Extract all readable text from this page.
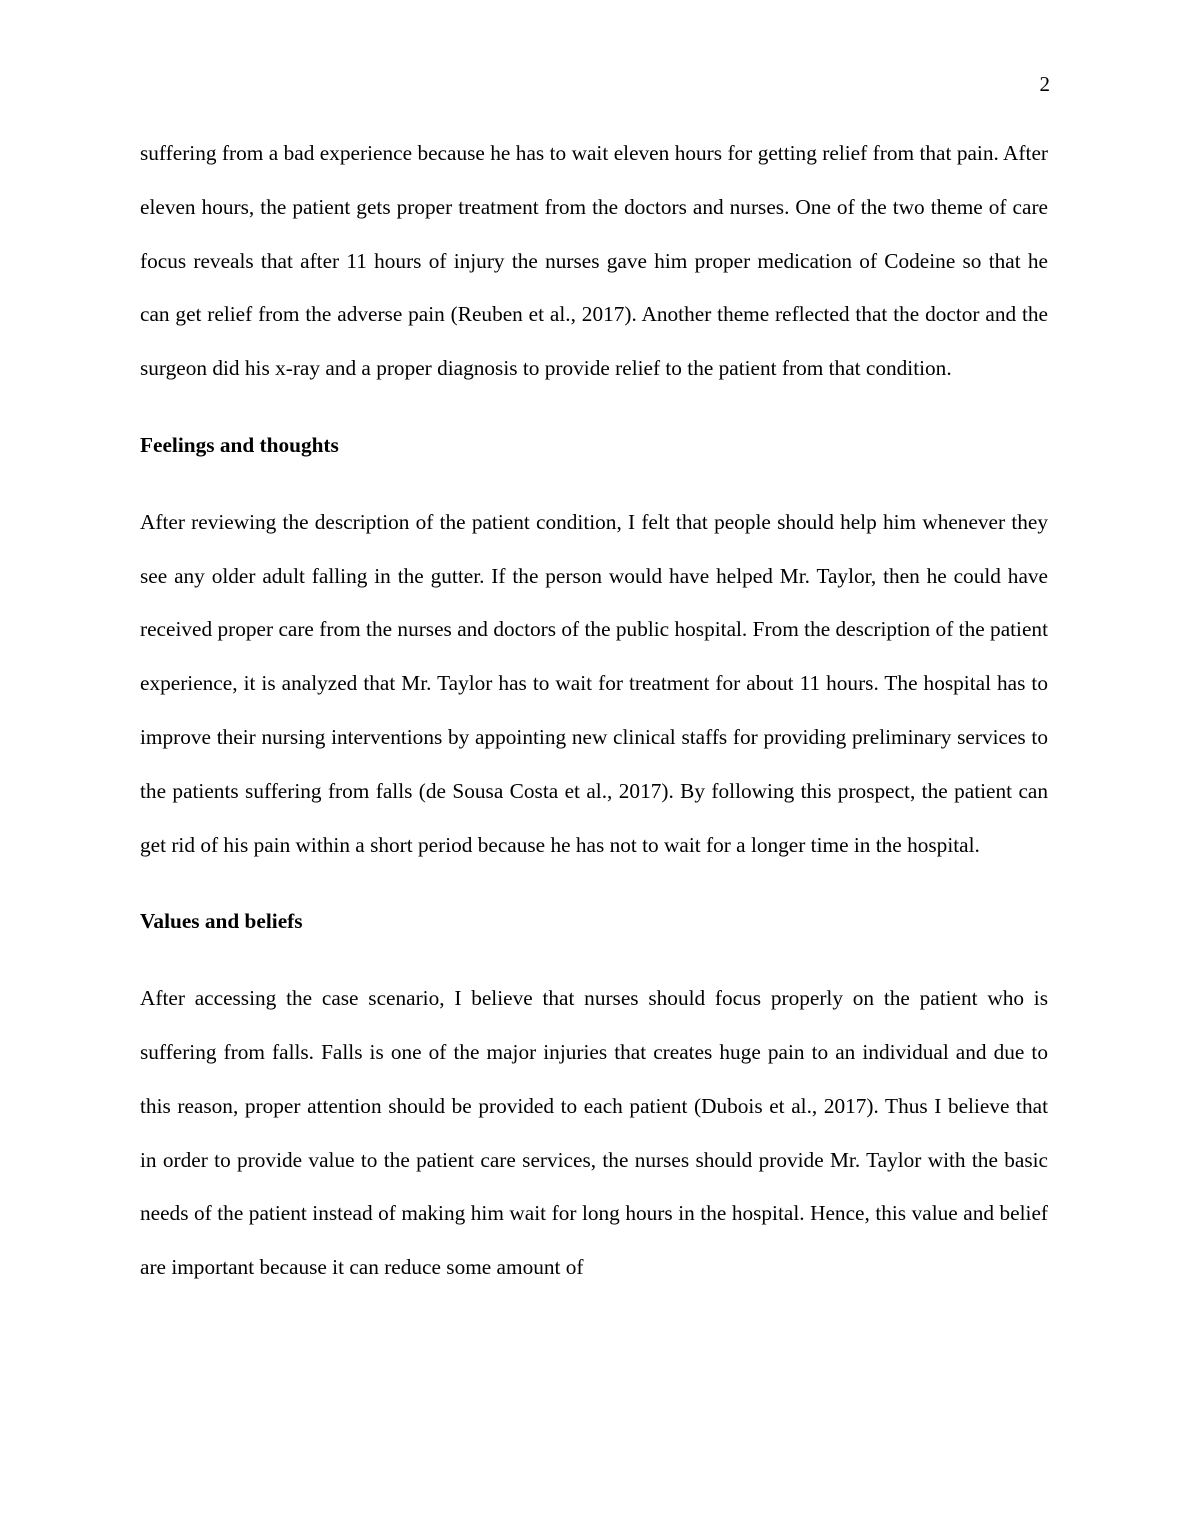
2

suffering from a bad experience because he has to wait eleven hours for getting relief from that pain. After eleven hours, the patient gets proper treatment from the doctors and nurses. One of the two theme of care focus reveals that after 11 hours of injury the nurses gave him proper medication of Codeine so that he can get relief from the adverse pain (Reuben et al., 2017). Another theme reflected that the doctor and the surgeon did his x-ray and a proper diagnosis to provide relief to the patient from that condition.

Feelings and thoughts

After reviewing the description of the patient condition, I felt that people should help him whenever they see any older adult falling in the gutter. If the person would have helped Mr. Taylor, then he could have received proper care from the nurses and doctors of the public hospital. From the description of the patient experience, it is analyzed that Mr. Taylor has to wait for treatment for about 11 hours. The hospital has to improve their nursing interventions by appointing new clinical staffs for providing preliminary services to the patients suffering from falls (de Sousa Costa et al., 2017). By following this prospect, the patient can get rid of his pain within a short period because he has not to wait for a longer time in the hospital.

Values and beliefs

After accessing the case scenario, I believe that nurses should focus properly on the patient who is suffering from falls. Falls is one of the major injuries that creates huge pain to an individual and due to this reason, proper attention should be provided to each patient (Dubois et al., 2017). Thus I believe that in order to provide value to the patient care services, the nurses should provide Mr. Taylor with the basic needs of the patient instead of making him wait for long hours in the hospital. Hence, this value and belief are important because it can reduce some amount of
